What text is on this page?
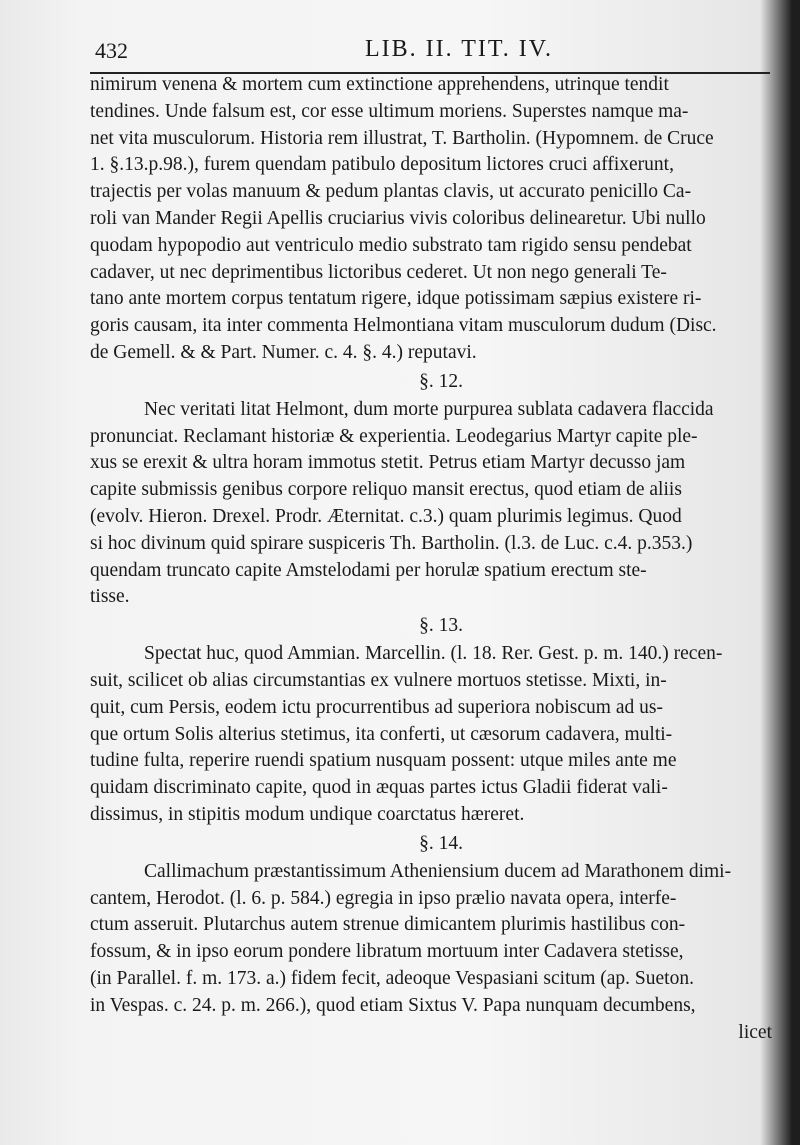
432	LIB. II. TIT. IV.
nimirum venena & mortem cum extinctione apprehendens, utrinque tendit
tendines. Unde falsum est, cor esse ultimum moriens. Superstes namque ma-
net vita musculorum. Historia rem illustrat, T. Bartholin. (Hypomnem. de Cruce
1. §.13.p.98.), furem quendam patibulo depositum lictores cruci affixerunt,
trajectis per volas manuum & pedum plantas clavis, ut accurato penicillo Ca-
roli van Mander Regii Apellis cruciarius vivis coloribus delinearetur. Ubi nullo
quodam hypopodio aut ventriculo medio substrato tam rigido sensu pendebat
cadaver, ut nec deprimentibus lictoribus cederet. Ut non nego generali Te-
tano ante mortem corpus tentatum rigere, idque potissimam sæpius existere ri-
goris causam, ita inter commenta Helmontiana vitam musculorum dudum (Disc.
de Gemell. & & Part. Numer. c. 4. §. 4.) reputavi.
§. 12.
Nec veritati litat Helmont, dum morte purpurea sublata cadavera flaccida
pronunciat. Reclamant historiæ & experientia. Leodegarius Martyr capite ple-
xus se erexit & ultra horam immotus stetit. Petrus etiam Martyr decusso jam
capite submissis genibus corpore reliquo mansit erectus, quod etiam de aliis
(evolv. Hieron. Drexel. Prodr. Æternitat. c.3.) quam plurimis legimus. Quod
si hoc divinum quid spirare suspiceris Th. Bartholin. (l.3. de Luc. c.4. p.353.)
quendam truncato capite Amstelodami per horulæ spatium erectum ste-
tisse.
§. 13.
Spectat huc, quod Ammian. Marcellin. (l. 18. Rer. Gest. p. m. 140.) recen-
suit, scilicet ob alias circumstantias ex vulnere mortuos stetisse. Mixti, in-
quit, cum Persis, eodem ictu procurrentibus ad superiora nobiscum ad us-
que ortum Solis alterius stetimus, ita conferti, ut cæsorum cadavera, multi-
tudine fulta, reperire ruendi spatium nusquam possent: utque miles ante me
quidam discriminato capite, quod in æquas partes ictus Gladii fiderat vali-
dissimus, in stipitis modum undique coarctatus hæreret.
§. 14.
Callimachum præstantissimum Atheniensium ducem ad Marathonem dimi-
cantem, Herodot. (l. 6. p. 584.) egregia in ipso prælio navata opera, interfe-
ctum asseruit. Plutarchus autem strenue dimicantem plurimis hastilibus con-
fossum, & in ipso eorum pondere libratum mortuum inter Cadavera stetisse,
(in Parallel. f. m. 173. a.) fidem fecit, adeoque Vespasiani scitum (ap. Sueton.
in Vespas. c. 24. p. m. 266.), quod etiam Sixtus V. Papa nunquam decumbens,
licet
